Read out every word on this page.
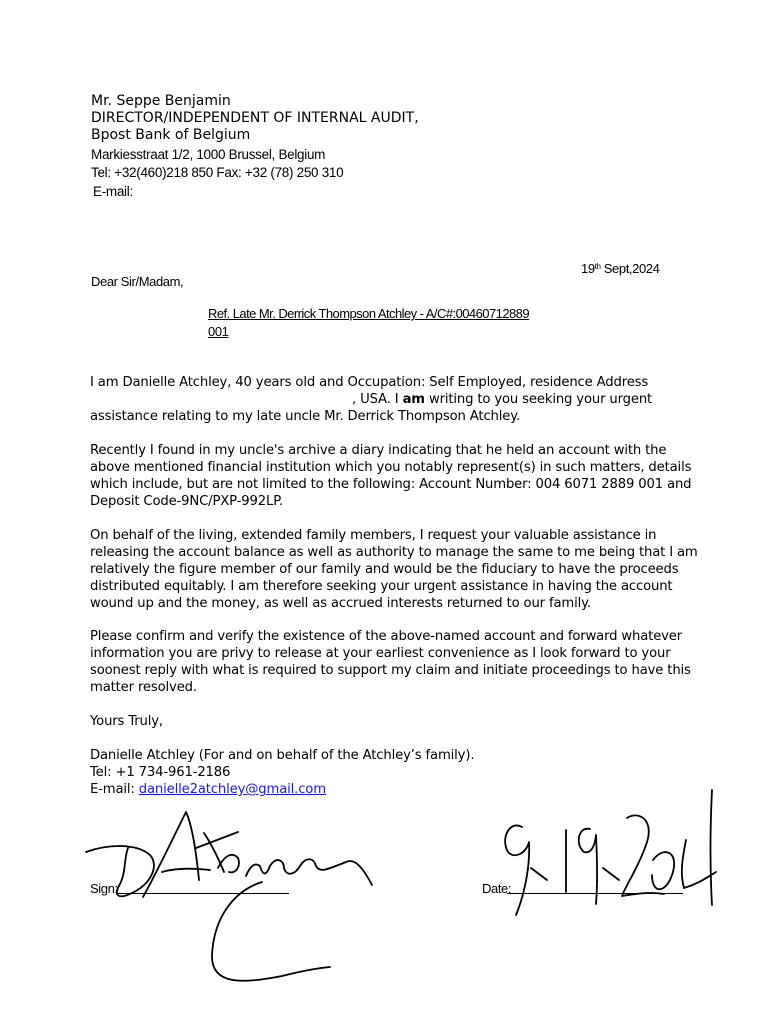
Mr. Seppe Benjamin
DIRECTOR/INDEPENDENT OF INTERNAL AUDIT,
Bpost Bank of Belgium
Markiesstraat 1/2, 1000 Brussel, Belgium
Tel: +32(460)218 850 Fax: +32 (78) 250 310
E-mail:
19th Sept,2024
Dear Sir/Madam,
Ref. Late Mr. Derrick Thompson Atchley - A/C#:00460712889
001
I am Danielle Atchley, 40 years old and Occupation: Self Employed, residence Address
, USA. I am writing to you seeking your urgent
assistance relating to my late uncle Mr. Derrick Thompson Atchley.
Recently I found in my uncle's archive a diary indicating that he held an account with the
above mentioned financial institution which you notably represent(s) in such matters, details
which include, but are not limited to the following: Account Number: 004 6071 2889 001 and
Deposit Code-9NC/PXP-992LP.
On behalf of the living, extended family members, I request your valuable assistance in
releasing the account balance as well as authority to manage the same to me being that I am
relatively the figure member of our family and would be the fiduciary to have the proceeds
distributed equitably. I am therefore seeking your urgent assistance in having the account
wound up and the money, as well as accrued interests returned to our family.
Please confirm and verify the existence of the above-named account and forward whatever
information you are privy to release at your earliest convenience as I look forward to your
soonest reply with what is required to support my claim and initiate proceedings to have this
matter resolved.
Yours Truly,
Danielle Atchley (For and on behalf of the Atchley’s family).
Tel: +1 734-961-2186
E-mail: danielle2atchley@gmail.com
Sign:	Date:
